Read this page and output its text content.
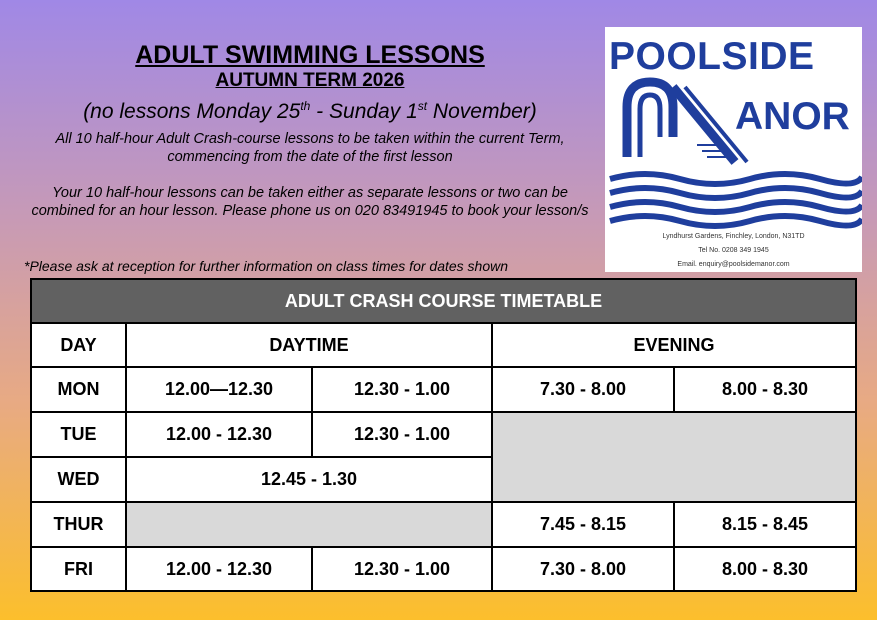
ADULT SWIMMING LESSONS
AUTUMN TERM 2026
(no lessons Monday 25th - Sunday 1st November)
All 10 half-hour Adult Crash-course lessons to be taken within the current Term, commencing from the date of the first lesson
Your 10 half-hour lessons can be taken either as separate lessons or two can be combined for an hour lesson. Please phone us on 020 83491945 to book your lesson/s
*Please ask at reception for further information on class times for dates shown
POOLSIDE
ANOR
Lyndhurst Gardens, Finchley, London, N31TD
Tel No. 0208 349 1945
Email. enquiry@poolsidemanor.com
ADULT CRASH COURSE TIMETABLE				
DAY	DAYTIME		EVENING	
MON	12.00—12.30	12.30 - 1.00	7.30 - 8.00	8.00 - 8.30
TUE	12.00 - 12.30	12.30 - 1.00		
WED	12.45 - 1.30			
THUR			7.45 - 8.15	8.15 - 8.45
FRI	12.00 - 12.30	12.30 - 1.00	7.30 - 8.00	8.00 - 8.30
